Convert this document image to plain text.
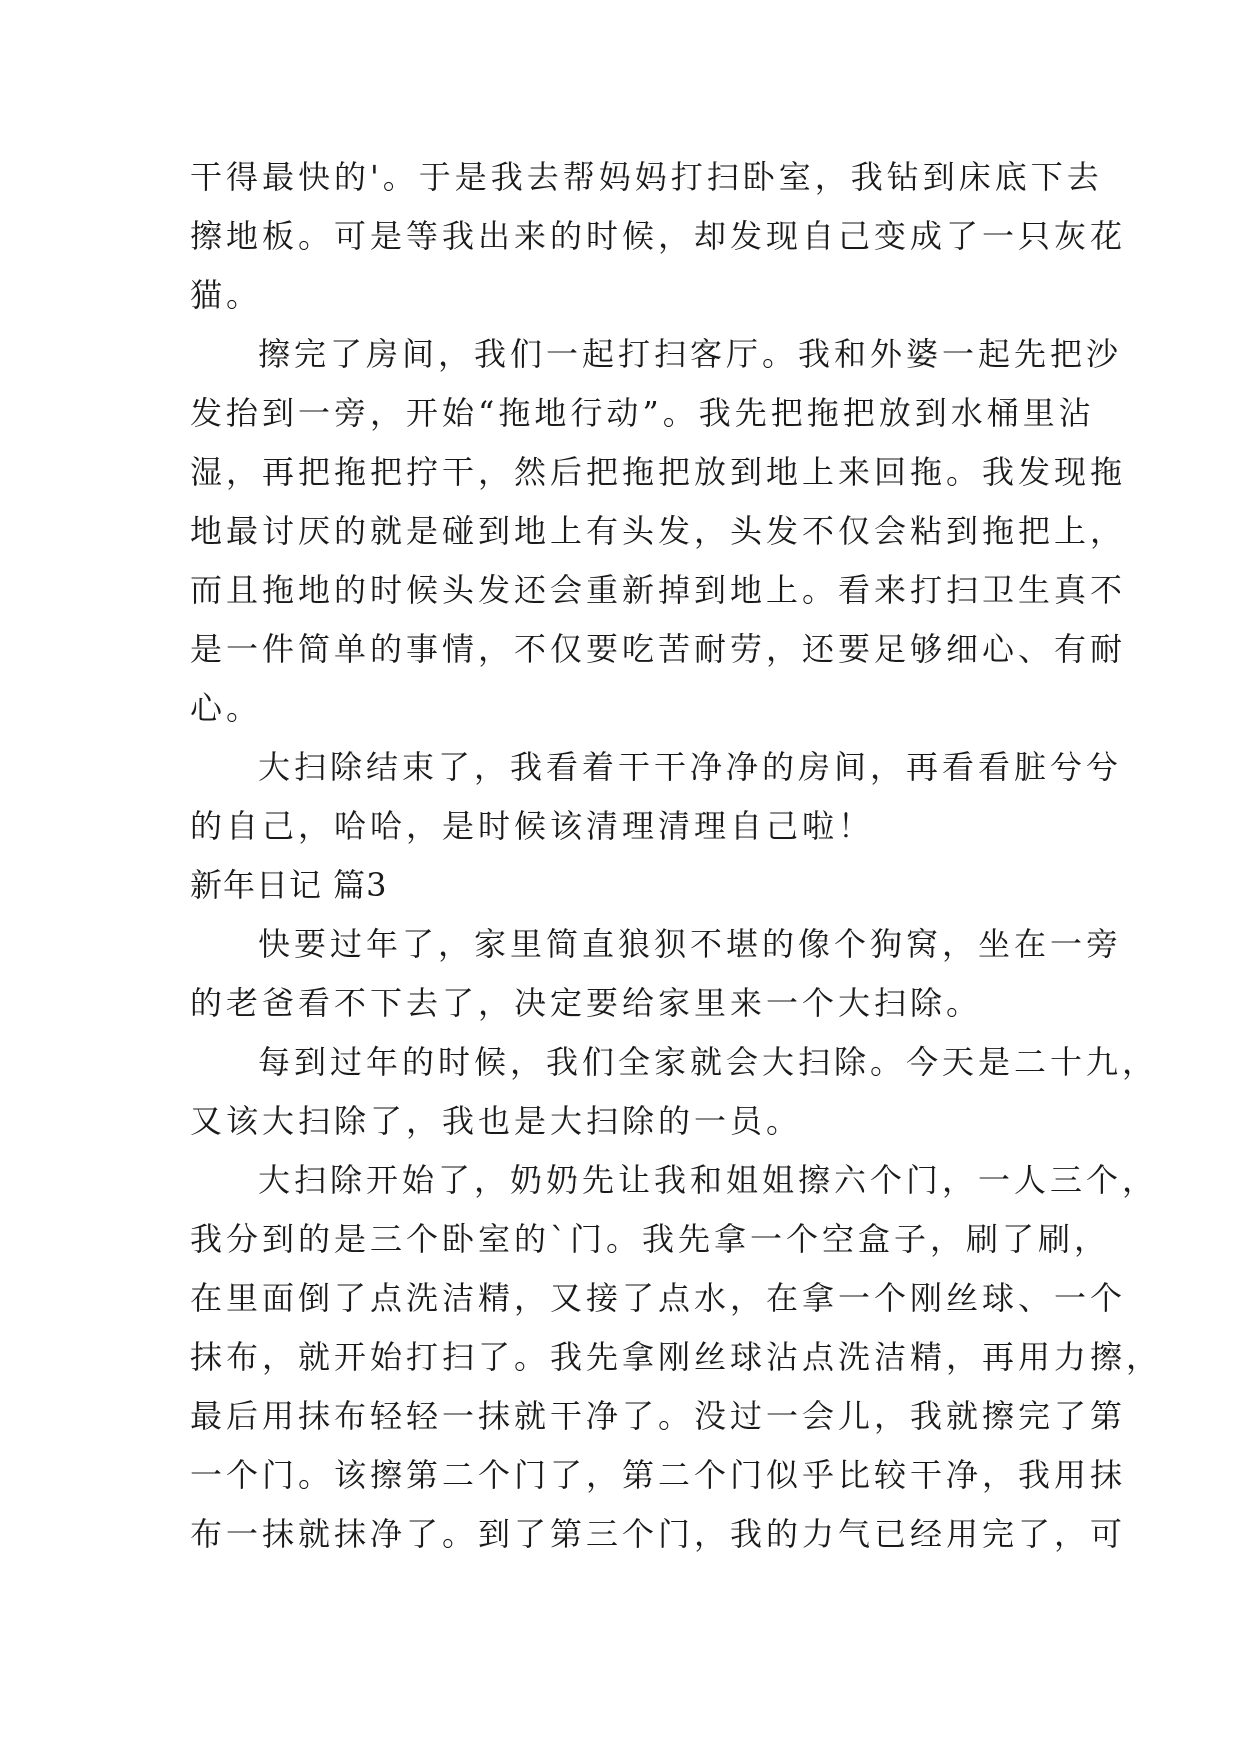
干得最快的'。于是我去帮妈妈打扫卧室，我钻到床底下去
擦地板。可是等我出来的时候，却发现自己变成了一只灰花
猫。
擦完了房间，我们一起打扫客厅。我和外婆一起先把沙
发抬到一旁，开始“拖地行动”。我先把拖把放到水桶里沾
湿，再把拖把拧干，然后把拖把放到地上来回拖。我发现拖
地最讨厌的就是碰到地上有头发，头发不仅会粘到拖把上，
而且拖地的时候头发还会重新掉到地上。看来打扫卫生真不
是一件简单的事情，不仅要吃苦耐劳，还要足够细心、有耐
心。
大扫除结束了，我看着干干净净的房间，再看看脏兮兮
的自己，哈哈，是时候该清理清理自己啦！
新年日记 篇3
快要过年了，家里简直狼狈不堪的像个狗窝，坐在一旁
的老爸看不下去了，决定要给家里来一个大扫除。
每到过年的时候，我们全家就会大扫除。今天是二十九，
又该大扫除了，我也是大扫除的一员。
大扫除开始了，奶奶先让我和姐姐擦六个门，一人三个，
我分到的是三个卧室的`门。我先拿一个空盒子，刷了刷，
在里面倒了点洗洁精，又接了点水，在拿一个刚丝球、一个
抹布，就开始打扫了。我先拿刚丝球沾点洗洁精，再用力擦，
最后用抹布轻轻一抹就干净了。没过一会儿，我就擦完了第
一个门。该擦第二个门了，第二个门似乎比较干净，我用抹
布一抹就抹净了。到了第三个门，我的力气已经用完了，可
